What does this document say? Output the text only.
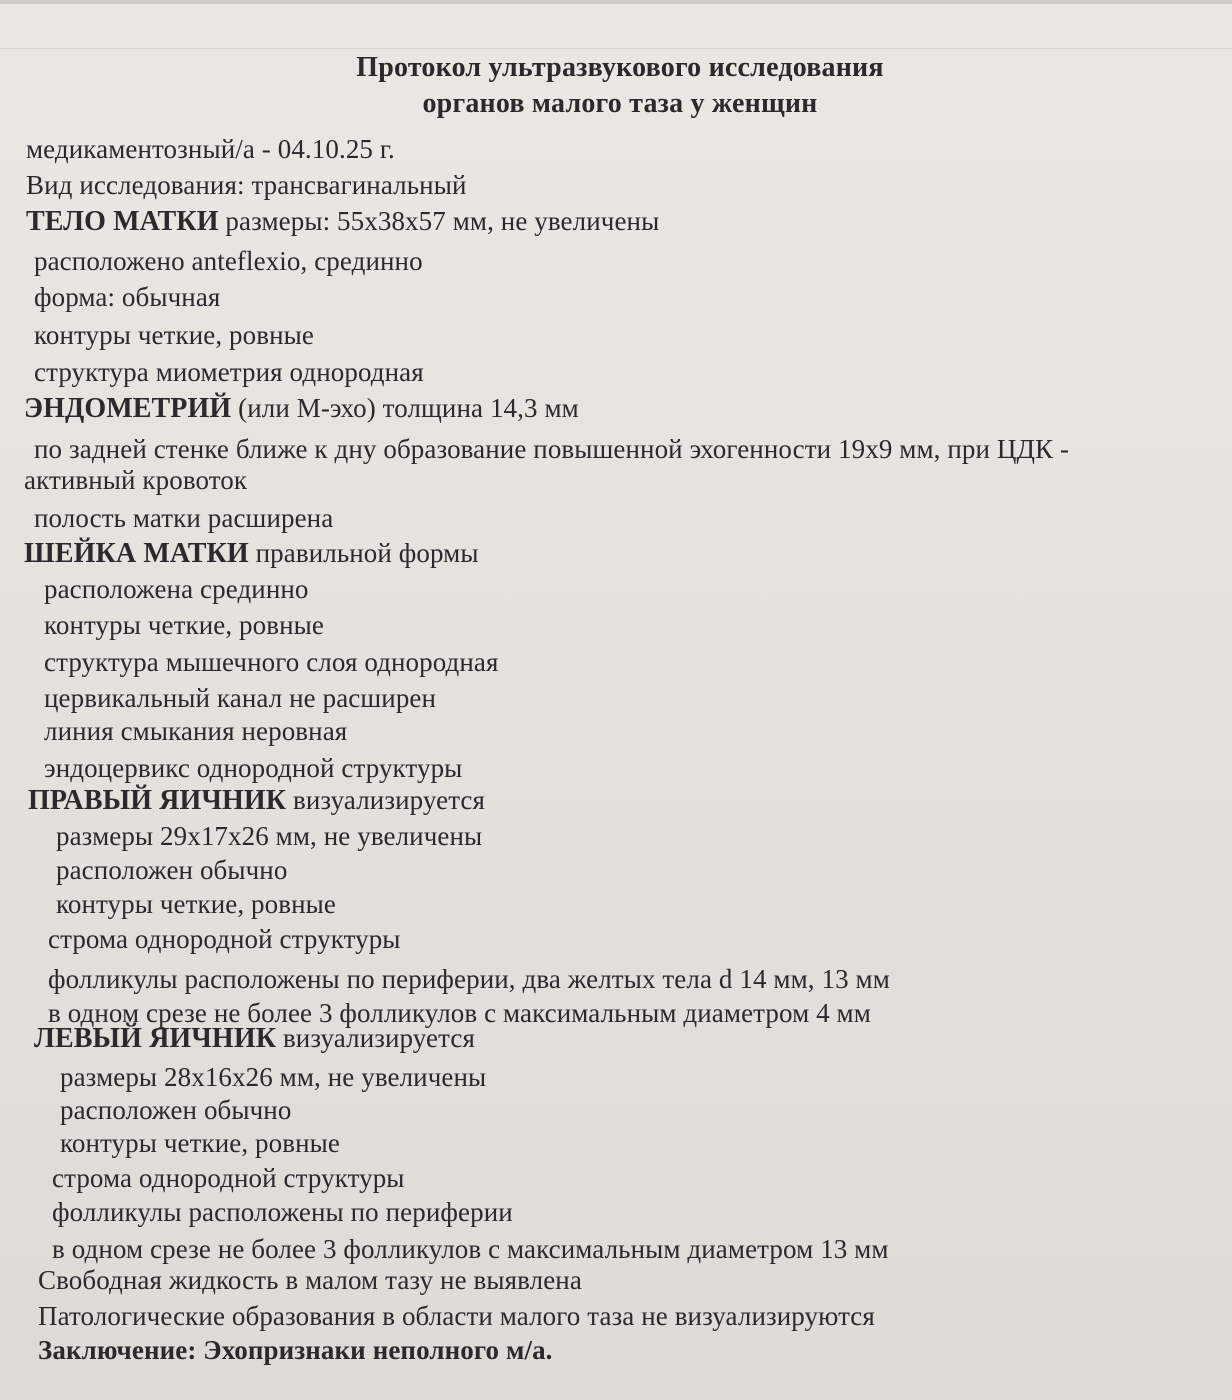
Протокол ультразвукового исследования
органов малого таза у женщин
медикаментозный/а - 04.10.25 г.
Вид исследования: трансвагинальный
ТЕЛО МАТКИ размеры: 55х38х57 мм, не увеличены
расположено anteflexio, срединно
форма: обычная
контуры четкие, ровные
структура миометрия однородная
ЭНДОМЕТРИЙ (или М-эхо) толщина 14,3 мм
по задней стенке ближе к дну образование повышенной эхогенности 19х9 мм, при ЦДК -
активный кровоток
полость матки расширена
ШЕЙКА МАТКИ правильной формы
расположена срединно
контуры четкие, ровные
структура мышечного слоя однородная
цервикальный канал не расширен
линия смыкания неровная
эндоцервикс однородной структуры
ПРАВЫЙ ЯИЧНИК визуализируется
размеры 29х17х26 мм, не увеличены
расположен обычно
контуры четкие, ровные
строма однородной структуры
фолликулы расположены по периферии, два желтых тела d 14 мм, 13 мм
в одном срезе не более 3 фолликулов с максимальным диаметром 4 мм
ЛЕВЫЙ ЯИЧНИК визуализируется
размеры 28х16х26 мм, не увеличены
расположен обычно
контуры четкие, ровные
строма однородной структуры
фолликулы расположены по периферии
в одном срезе не более 3 фолликулов с максимальным диаметром 13 мм
Свободная жидкость в малом тазу не выявлена
Патологические образования в области малого таза не визуализируются
Заключение: Эхопризнаки неполного м/а.
